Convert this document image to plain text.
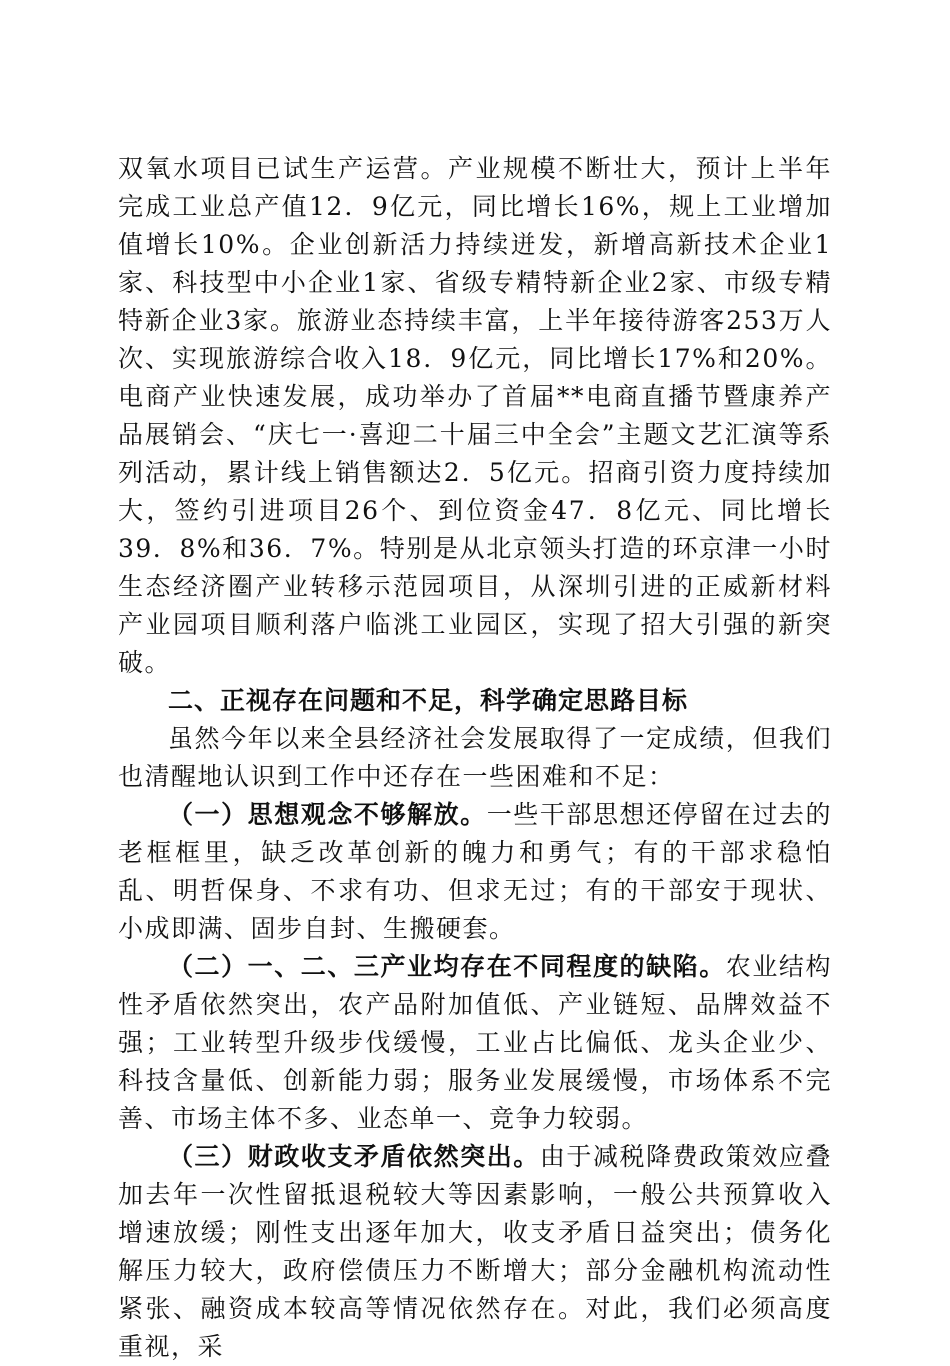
双氧水项目已试生产运营。产业规模不断壮大，预计上半年完成工业总产值12．9亿元，同比增长16%，规上工业增加值增长10%。企业创新活力持续迸发，新增高新技术企业1家、科技型中小企业1家、省级专精特新企业2家、市级专精特新企业3家。旅游业态持续丰富，上半年接待游客253万人次、实现旅游综合收入18．9亿元，同比增长17%和20%。电商产业快速发展，成功举办了首届**电商直播节暨康养产品展销会、“庆七一·喜迎二十届三中全会”主题文艺汇演等系列活动，累计线上销售额达2．5亿元。招商引资力度持续加大，签约引进项目26个、到位资金47．8亿元、同比增长39．8%和36．7%。特别是从北京领头打造的环京津一小时生态经济圈产业转移示范园项目，从深圳引进的正威新材料产业园项目顺利落户临洮工业园区，实现了招大引强的新突破。

二、正视存在问题和不足，科学确定思路目标

虽然今年以来全县经济社会发展取得了一定成绩，但我们也清醒地认识到工作中还存在一些困难和不足：

（一）思想观念不够解放。一些干部思想还停留在过去的老框框里，缺乏改革创新的魄力和勇气；有的干部求稳怕乱、明哲保身、不求有功、但求无过；有的干部安于现状、小成即满、固步自封、生搬硬套。

（二）一、二、三产业均存在不同程度的缺陷。农业结构性矛盾依然突出，农产品附加值低、产业链短、品牌效益不强；工业转型升级步伐缓慢，工业占比偏低、龙头企业少、科技含量低、创新能力弱；服务业发展缓慢，市场体系不完善、市场主体不多、业态单一、竞争力较弱。

（三）财政收支矛盾依然突出。由于减税降费政策效应叠加去年一次性留抵退税较大等因素影响，一般公共预算收入增速放缓；刚性支出逐年加大，收支矛盾日益突出；债务化解压力较大，政府偿债压力不断增大；部分金融机构流动性紧张、融资成本较高等情况依然存在。对此，我们必须高度重视，采
